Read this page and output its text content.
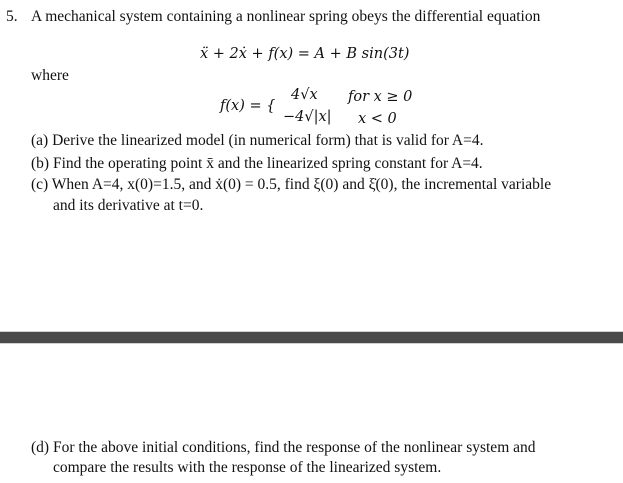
5. A mechanical system containing a nonlinear spring obeys the differential equation
ẍ + 2ẋ + f(x) = A + B sin(3t)
where
f(x) = {
4√x for x ≥ 0
−4√|x| x < 0
(a) Derive the linearized model (in numerical form) that is valid for A=4.
(b) Find the operating point x̄ and the linearized spring constant for A=4.
(c) When A=4, x(0)=1.5, and ẋ(0) = 0.5, find ξ(0) and ξ̇(0), the incremental variable
and its derivative at t=0.
(d) For the above initial conditions, find the response of the nonlinear system and
compare the results with the response of the linearized system.
